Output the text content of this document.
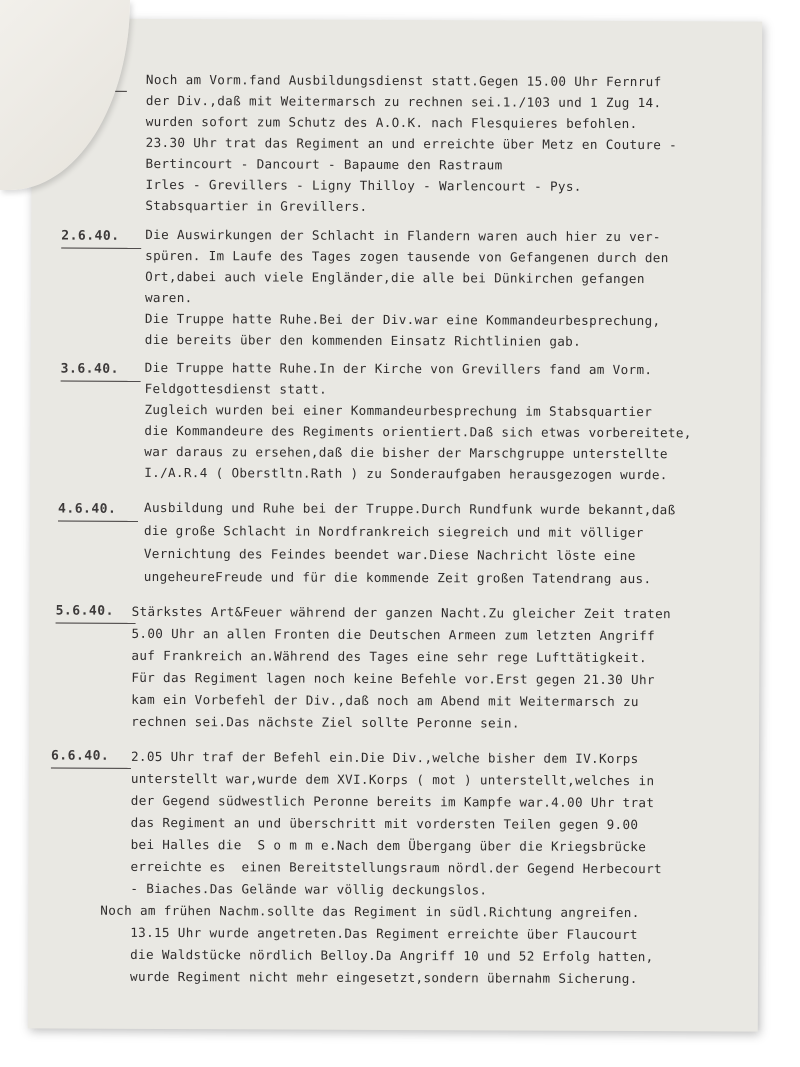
Noch am Vorm.fand Ausbildungsdienst statt.Gegen 15.00 Uhr Fernruf
der Div.,daß mit Weitermarsch zu rechnen sei.1./103 und 1 Zug 14.
wurden sofort zum Schutz des A.O.K. nach Flesquieres befohlen.
23.30 Uhr trat das Regiment an und erreichte über Metz en Couture -
Bertincourt - Dancourt - Bapaume den Rastraum
Irles - Grevillers - Ligny Thilloy - Warlencourt - Pys.
Stabsquartier in Grevillers.
2.6.40.	Die Auswirkungen der Schlacht in Flandern waren auch hier zu ver-
spüren. Im Laufe des Tages zogen tausende von Gefangenen durch den
Ort,dabei auch viele Engländer,die alle bei Dünkirchen gefangen
waren.
Die Truppe hatte Ruhe.Bei der Div.war eine Kommandeurbesprechung,
die bereits über den kommenden Einsatz Richtlinien gab.
3.6.40.	Die Truppe hatte Ruhe.In der Kirche von Grevillers fand am Vorm.
Feldgottesdienst statt.
Zugleich wurden bei einer Kommandeurbesprechung im Stabsquartier
die Kommandeure des Regiments orientiert.Daß sich etwas vorbereitete,
war daraus zu ersehen,daß die bisher der Marschgruppe unterstellte
I./A.R.4 ( Oberstltn.Rath ) zu Sonderaufgaben herausgezogen wurde.
4.6.40.	Ausbildung und Ruhe bei der Truppe.Durch Rundfunk wurde bekannt,daß
die große Schlacht in Nordfrankreich siegreich und mit völliger
Vernichtung des Feindes beendet war.Diese Nachricht löste eine
ungeheureFreude und für die kommende Zeit großen Tatendrang aus.
5.6.40.	Stärkstes Art&Feuer während der ganzen Nacht.Zu gleicher Zeit traten
5.00 Uhr an allen Fronten die Deutschen Armeen zum letzten Angriff
auf Frankreich an.Während des Tages eine sehr rege Lufttätigkeit.
Für das Regiment lagen noch keine Befehle vor.Erst gegen 21.30 Uhr
kam ein Vorbefehl der Div.,daß noch am Abend mit Weitermarsch zu
rechnen sei.Das nächste Ziel sollte Peronne sein.
6.6.40.	2.05 Uhr traf der Befehl ein.Die Div.,welche bisher dem IV.Korps
unterstellt war,wurde dem XVI.Korps ( mot ) unterstellt,welches in
der Gegend südwestlich Peronne bereits im Kampfe war.4.00 Uhr trat
das Regiment an und überschritt mit vordersten Teilen gegen 9.00
bei Halles die  S o m m e.Nach dem Übergang über die Kriegsbrücke
erreichte es  einen Bereitstellungsraum nördl.der Gegend Herbecourt
- Biaches.Das Gelände war völlig deckungslos.
Noch am frühen Nachm.sollte das Regiment in südl.Richtung angreifen.
13.15 Uhr wurde angetreten.Das Regiment erreichte über Flaucourt
die Waldstücke nördlich Belloy.Da Angriff 10 und 52 Erfolg hatten,
wurde Regiment nicht mehr eingesetzt,sondern übernahm Sicherung.
